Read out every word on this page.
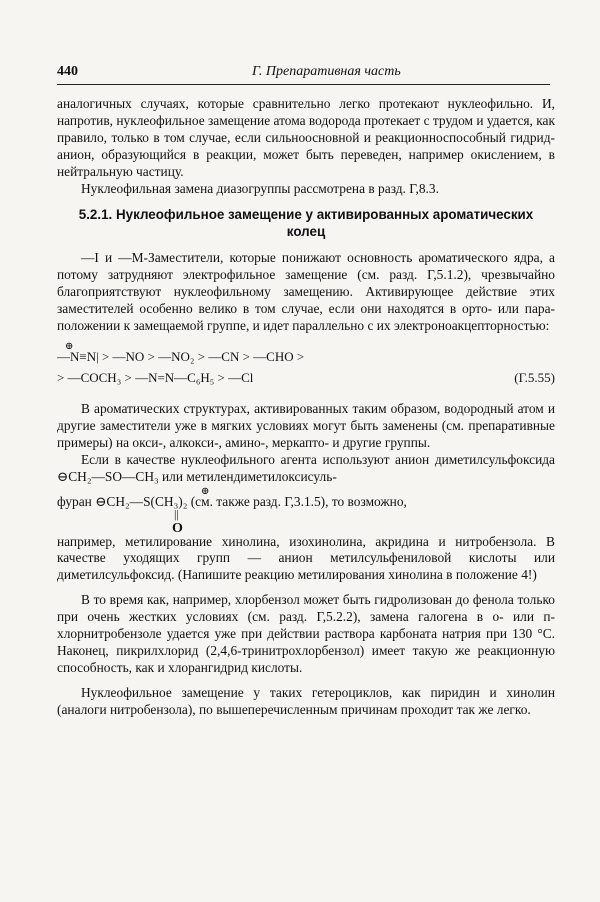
440	Г. Препаративная часть

аналогичных случаях, которые сравнительно легко протекают нуклеофильно. И, напротив, нуклеофильное замещение атома водорода протекает с трудом и удается, как правило, только в том случае, если сильноосновной и реакционноспособный гидрид-анион, образующийся в реакции, может быть переведен, например окислением, в нейтральную частицу.

Нуклеофильная замена диазогруппы рассмотрена в разд. Г,8.3.

5.2.1. Нуклеофильное замещение у активированных ароматических колец

—I и —M-Заместители, которые понижают основность ароматического ядра, а потому затрудняют электрофильное замещение (см. разд. Г,5.1.2), чрезвычайно благоприятствуют нуклеофильному замещению. Активирующее действие этих заместителей особенно велико в том случае, если они находятся в орто- или пара-положении к замещаемой группе, и идет параллельно с их электроноакцепторностью:

⊕
—N≡N| > —NO > —NO₂ > —CN > —CHO >
> —COCH₃ > —N=N—C₆H₅ > —Cl	(Г.5.55)

В ароматических структурах, активированных таким образом, водородный атом и другие заместители уже в мягких условиях могут быть заменены (см. препаративные примеры) на окси-, алкокси-, амино-, меркапто- и другие группы.

Если в качестве нуклеофильного агента используют анион диметилсульфоксида ⊖CH₂—SO—CH₃ или метилендиметилоксисуль-

⊕
фуран ⊖CH₂—S(CH₃)₂ (см. также разд. Г,3.1.5), то возможно,
||
O

например, метилирование хинолина, изохинолина, акридина и нитробензола. В качестве уходящих групп — анион метилсульфениловой кислоты или диметилсульфоксид. (Напишите реакцию метилирования хинолина в положение 4!)

В то время как, например, хлорбензол может быть гидролизован до фенола только при очень жестких условиях (см. разд. Г,5.2.2), замена галогена в о- или п-хлорнитробензоле удается уже при действии раствора карбоната натрия при 130 °С. Наконец, пикрилхлорид (2,4,6-тринитрохлорбензол) имеет такую же реакционную способность, как и хлорангидрид кислоты.

Нуклеофильное замещение у таких гетероциклов, как пиридин и хинолин (аналоги нитробензола), по вышеперечисленным причинам проходит так же легко.
